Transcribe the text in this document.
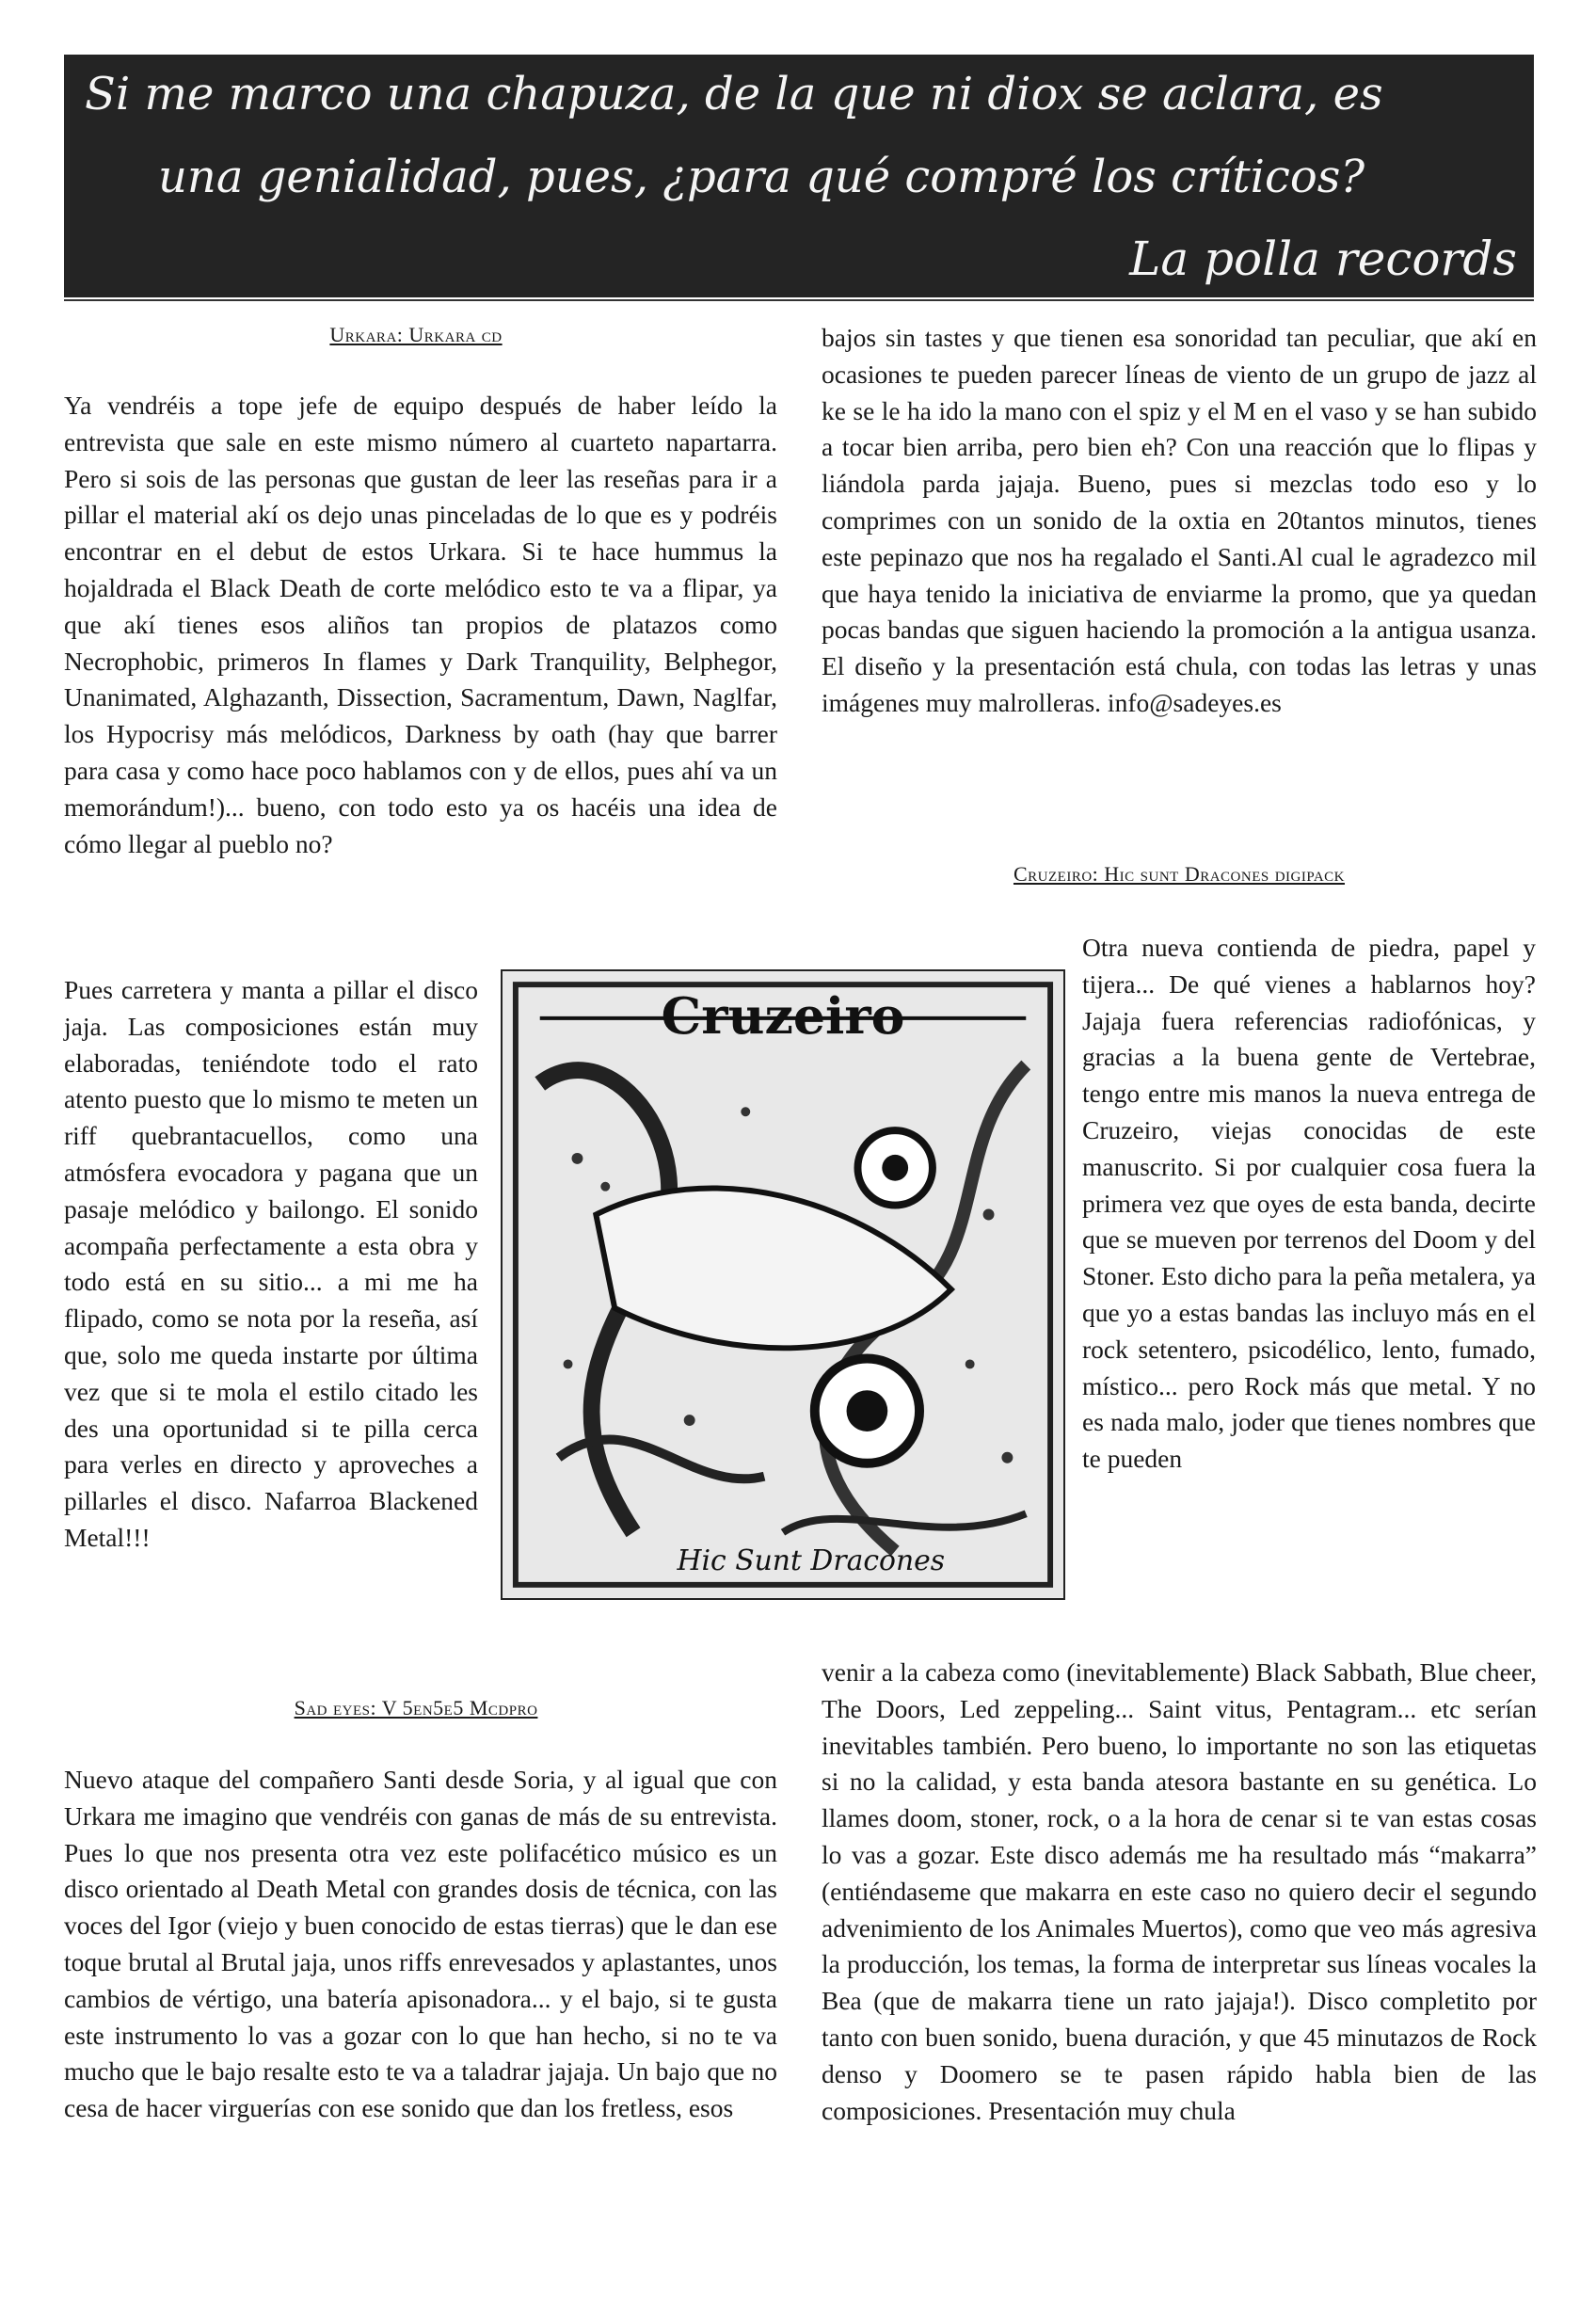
Si me marco una chapuza, de la que ni diox se aclara, es
una genialidad, pues, ¿para qué compré los críticos?
La polla records
Urkara: Urkara cd

Ya vendréis a tope jefe de equipo después de haber leído la entrevista que sale en este mismo número al cuarteto napartarra. Pero si sois de las personas que gustan de leer las reseñas para ir a pillar el material akí os dejo unas pinceladas de lo que es y podréis encontrar en el debut de estos Urkara. Si te hace hummus la hojaldrada el Black Death de corte melódico esto te va a flipar, ya que akí tienes esos aliños tan propios de platazos como Necrophobic, primeros In flames y Dark Tranquility, Belphegor, Unanimated, Alghazanth, Dissection, Sacramentum, Dawn, Naglfar, los Hypocrisy más melódicos, Darkness by oath (hay que barrer para casa y como hace poco hablamos con y de ellos, pues ahí va un memorándum!)... bueno, con todo esto ya os hacéis una idea de cómo llegar al pueblo no?

Pues carretera y manta a pillar el disco jaja. Las composiciones están muy elaboradas, teniéndote todo el rato atento puesto que lo mismo te meten un riff quebrantacuellos, como una atmósfera evocadora y pagana que un pasaje melódico y bailongo. El sonido acompaña perfectamente a esta obra y todo está en su sitio... a mi me ha flipado, como se nota por la reseña, así que, solo me queda instarte por última vez que si te mola el estilo citado les des una oportunidad si te pilla cerca para verles en directo y aproveches a pillarles el disco. Nafarroa Blackened Metal!!!

Cruzeiro
Hic Sunt Dracones
Sad eyes: V 5en5e5 Mcdpro

Nuevo ataque del compañero Santi desde Soria, y al igual que con Urkara me imagino que vendréis con ganas de más de su entrevista. Pues lo que nos presenta otra vez este polifacético músico es un disco orientado al Death Metal con grandes dosis de técnica, con las voces del Igor (viejo y buen conocido de estas tierras) que le dan ese toque brutal al Brutal jaja, unos riffs enrevesados y aplastantes, unos cambios de vértigo, una batería apisonadora... y el bajo, si te gusta este instrumento lo vas a gozar con lo que han hecho, si no te va mucho que le bajo resalte esto te va a taladrar jajaja. Un bajo que no cesa de hacer virguerías con ese sonido que dan los fretless, esos

bajos sin tastes y que tienen esa sonoridad tan peculiar, que akí en ocasiones te pueden parecer líneas de viento de un grupo de jazz al ke se le ha ido la mano con el spiz y el M en el vaso y se han subido a tocar bien arriba, pero bien eh? Con una reacción que lo flipas y liándola parda jajaja. Bueno, pues si mezclas todo eso y lo comprimes con un sonido de la oxtia en 20tantos minutos, tienes este pepinazo que nos ha regalado el Santi.Al cual le agradezco mil que haya tenido la iniciativa de enviarme la promo, que ya quedan pocas bandas que siguen haciendo la promoción a la antigua usanza. El diseño y la presentación está chula, con todas las letras y unas imágenes muy malrolleras. info@sadeyes.es

Cruzeiro: Hic sunt Dracones digipack

Otra nueva contienda de piedra, papel y tijera... De qué vienes a hablarnos hoy? Jajaja fuera referencias radiofónicas, y gracias a la buena gente de Vertebrae, tengo entre mis manos la nueva entrega de Cruzeiro, viejas conocidas de este manuscrito. Si por cualquier cosa fuera la primera vez que oyes de esta banda, decirte que se mueven por terrenos del Doom y del Stoner. Esto dicho para la peña metalera, ya que yo a estas bandas las incluyo más en el rock setentero, psicodélico, lento, fumado, místico... pero Rock más que metal. Y no es nada malo, joder que tienes nombres que te pueden

venir a la cabeza como (inevitablemente) Black Sabbath, Blue cheer, The Doors, Led zeppeling... Saint vitus, Pentagram... etc serían inevitables también. Pero bueno, lo importante no son las etiquetas si no la calidad, y esta banda atesora bastante en su genética. Lo llames doom, stoner, rock, o a la hora de cenar si te van estas cosas lo vas a gozar. Este disco además me ha resultado más “makarra” (entiéndaseme que makarra en este caso no quiero decir el segundo advenimiento de los Animales Muertos), como que veo más agresiva la producción, los temas, la forma de interpretar sus líneas vocales la Bea (que de makarra tiene un rato jajaja!). Disco completito por tanto con buen sonido, buena duración, y que 45 minutazos de Rock denso y Doomero se te pasen rápido habla bien de las composiciones. Presentación muy chula
